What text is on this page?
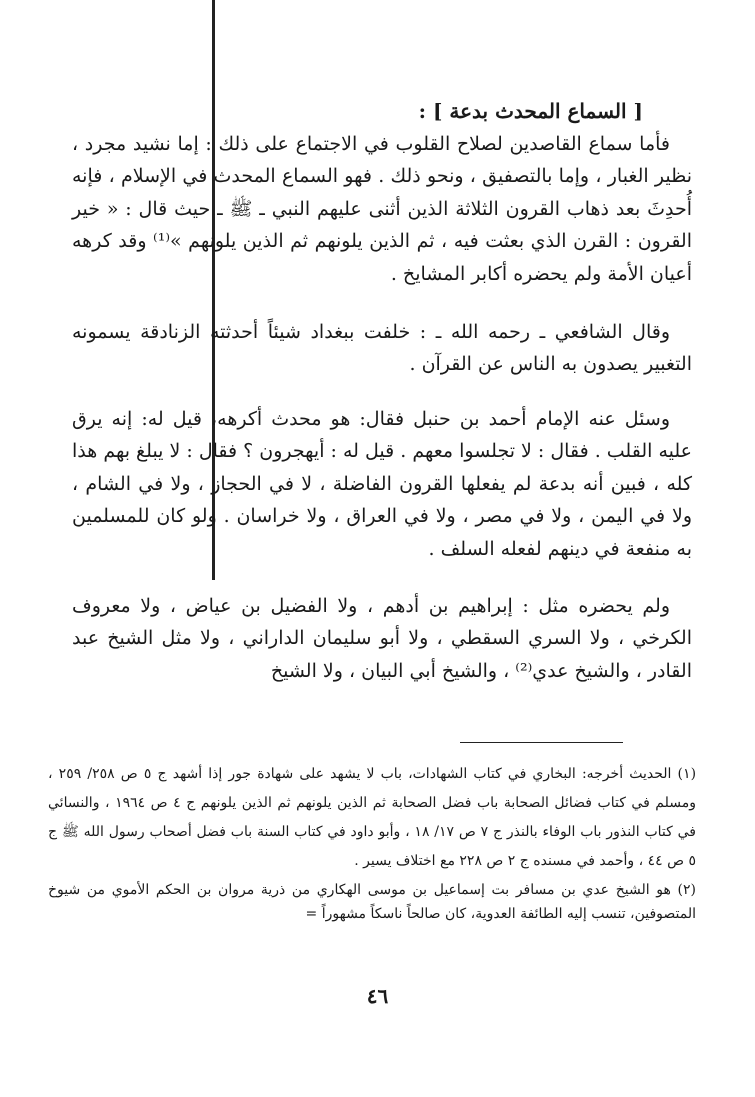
[ السماع المحدث بدعة ] :

فأما سماع القاصدين لصلاح القلوب في الاجتماع على ذلك : إما نشيد مجرد ، نظير الغبار ، وإما بالتصفيق ، ونحو ذلك . فهو السماع المحدث في الإسلام ، فإنه أُحدِثَ بعد ذهاب القرون الثلاثة الذين أثنى عليهم النبي ـ ﷺ ـ حيث قال : « خير القرون : القرن الذي بعثت فيه ، ثم الذين يلونهم ثم الذين يلونهم »⁽¹⁾ وقد كرهه أعيان الأمة ولم يحضره أكابر المشايخ .

وقال الشافعي ـ رحمه الله ـ : خلفت ببغداد شيئاً أحدثته الزنادقة يسمونه التغبير يصدون به الناس عن القرآن .

وسئل عنه الإمام أحمد بن حنبل فقال: هو محدث أكرهه، قيل له: إنه يرق عليه القلب . فقال : لا تجلسوا معهم . قيل له : أيهجرون ؟ فقال : لا يبلغ بهم هذا كله ، فبين أنه بدعة لم يفعلها القرون الفاضلة ، لا في الحجاز ، ولا في الشام ، ولا في اليمن ، ولا في مصر ، ولا في العراق ، ولا خراسان . ولو كان للمسلمين به منفعة في دينهم لفعله السلف .

ولم يحضره مثل : إبراهيم بن أدهم ، ولا الفضيل بن عياض ، ولا معروف الكرخي ، ولا السري السقطي ، ولا أبو سليمان الداراني ، ولا مثل الشيخ عبد القادر ، والشيخ عدي⁽²⁾ ، والشيخ أبي البيان ، ولا الشيخ

(١) الحديث أخرجه: البخاري في كتاب الشهادات، باب لا يشهد على شهادة جور إذا أشهد ج ٥ ص ٢٥٨/ ٢٥٩ ، ومسلم في كتاب فضائل الصحابة باب فضل الصحابة ثم الذين يلونهم ثم الذين يلونهم ج ٤ ص ١٩٦٤ ، والنسائي في كتاب النذور باب الوفاء بالنذر ج ٧ ص ١٧/ ١٨ ، وأبو داود في كتاب السنة باب فضل أصحاب رسول الله ﷺ ج ٥ ص ٤٤ ، وأحمد في مسنده ج ٢ ص ٢٢٨ مع اختلاف يسير .

(٢) هو الشيخ عدي بن مسافر بت إسماعيل بن موسى الهكاري من ذرية مروان بن الحكم الأموي من شيوخ المتصوفين، تنسب إليه الطائفة العدوية، كان صالحاً ناسكاً مشهوراً =

٤٦
